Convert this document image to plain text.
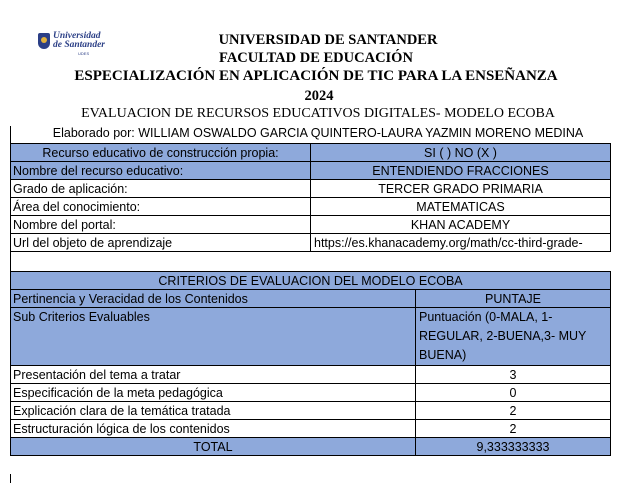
Universidad
de Santander
UDES
UNIVERSIDAD DE SANTANDER
FACULTAD DE EDUCACIÓN
ESPECIALIZACIÓN EN APLICACIÓN DE TIC PARA LA ENSEÑANZA
2024
EVALUACION DE RECURSOS EDUCATIVOS DIGITALES- MODELO ECOBA
Elaborado por: WILLIAM OSWALDO GARCIA QUINTERO-LAURA YAZMIN MORENO MEDINA
Recurso educativo de construcción propia:	SI ( ) NO (X )	
Nombre del recurso educativo:	ENTENDIENDO FRACCIONES	
Grado de aplicación:	TERCER GRADO PRIMARIA	
Área del conocimiento:	MATEMATICAS	
Nombre del portal:	KHAN ACADEMY	
Url del objeto de aprendizaje	https://es.khanacademy.org/math/cc-third-grade-	

CRITERIOS DE EVALUACION DEL MODELO ECOBA		
Pertinencia y Veracidad de los Contenidos		PUNTAJE
Sub Criterios Evaluables		Puntuación (0-MALA, 1-REGULAR, 2-BUENA,3- MUY BUENA)
Presentación del tema a tratar		3
Especificación de la meta pedagógica		0
Explicación clara de la temática tratada		2
Estructuración lógica de los contenidos		2
TOTAL		9,333333333
